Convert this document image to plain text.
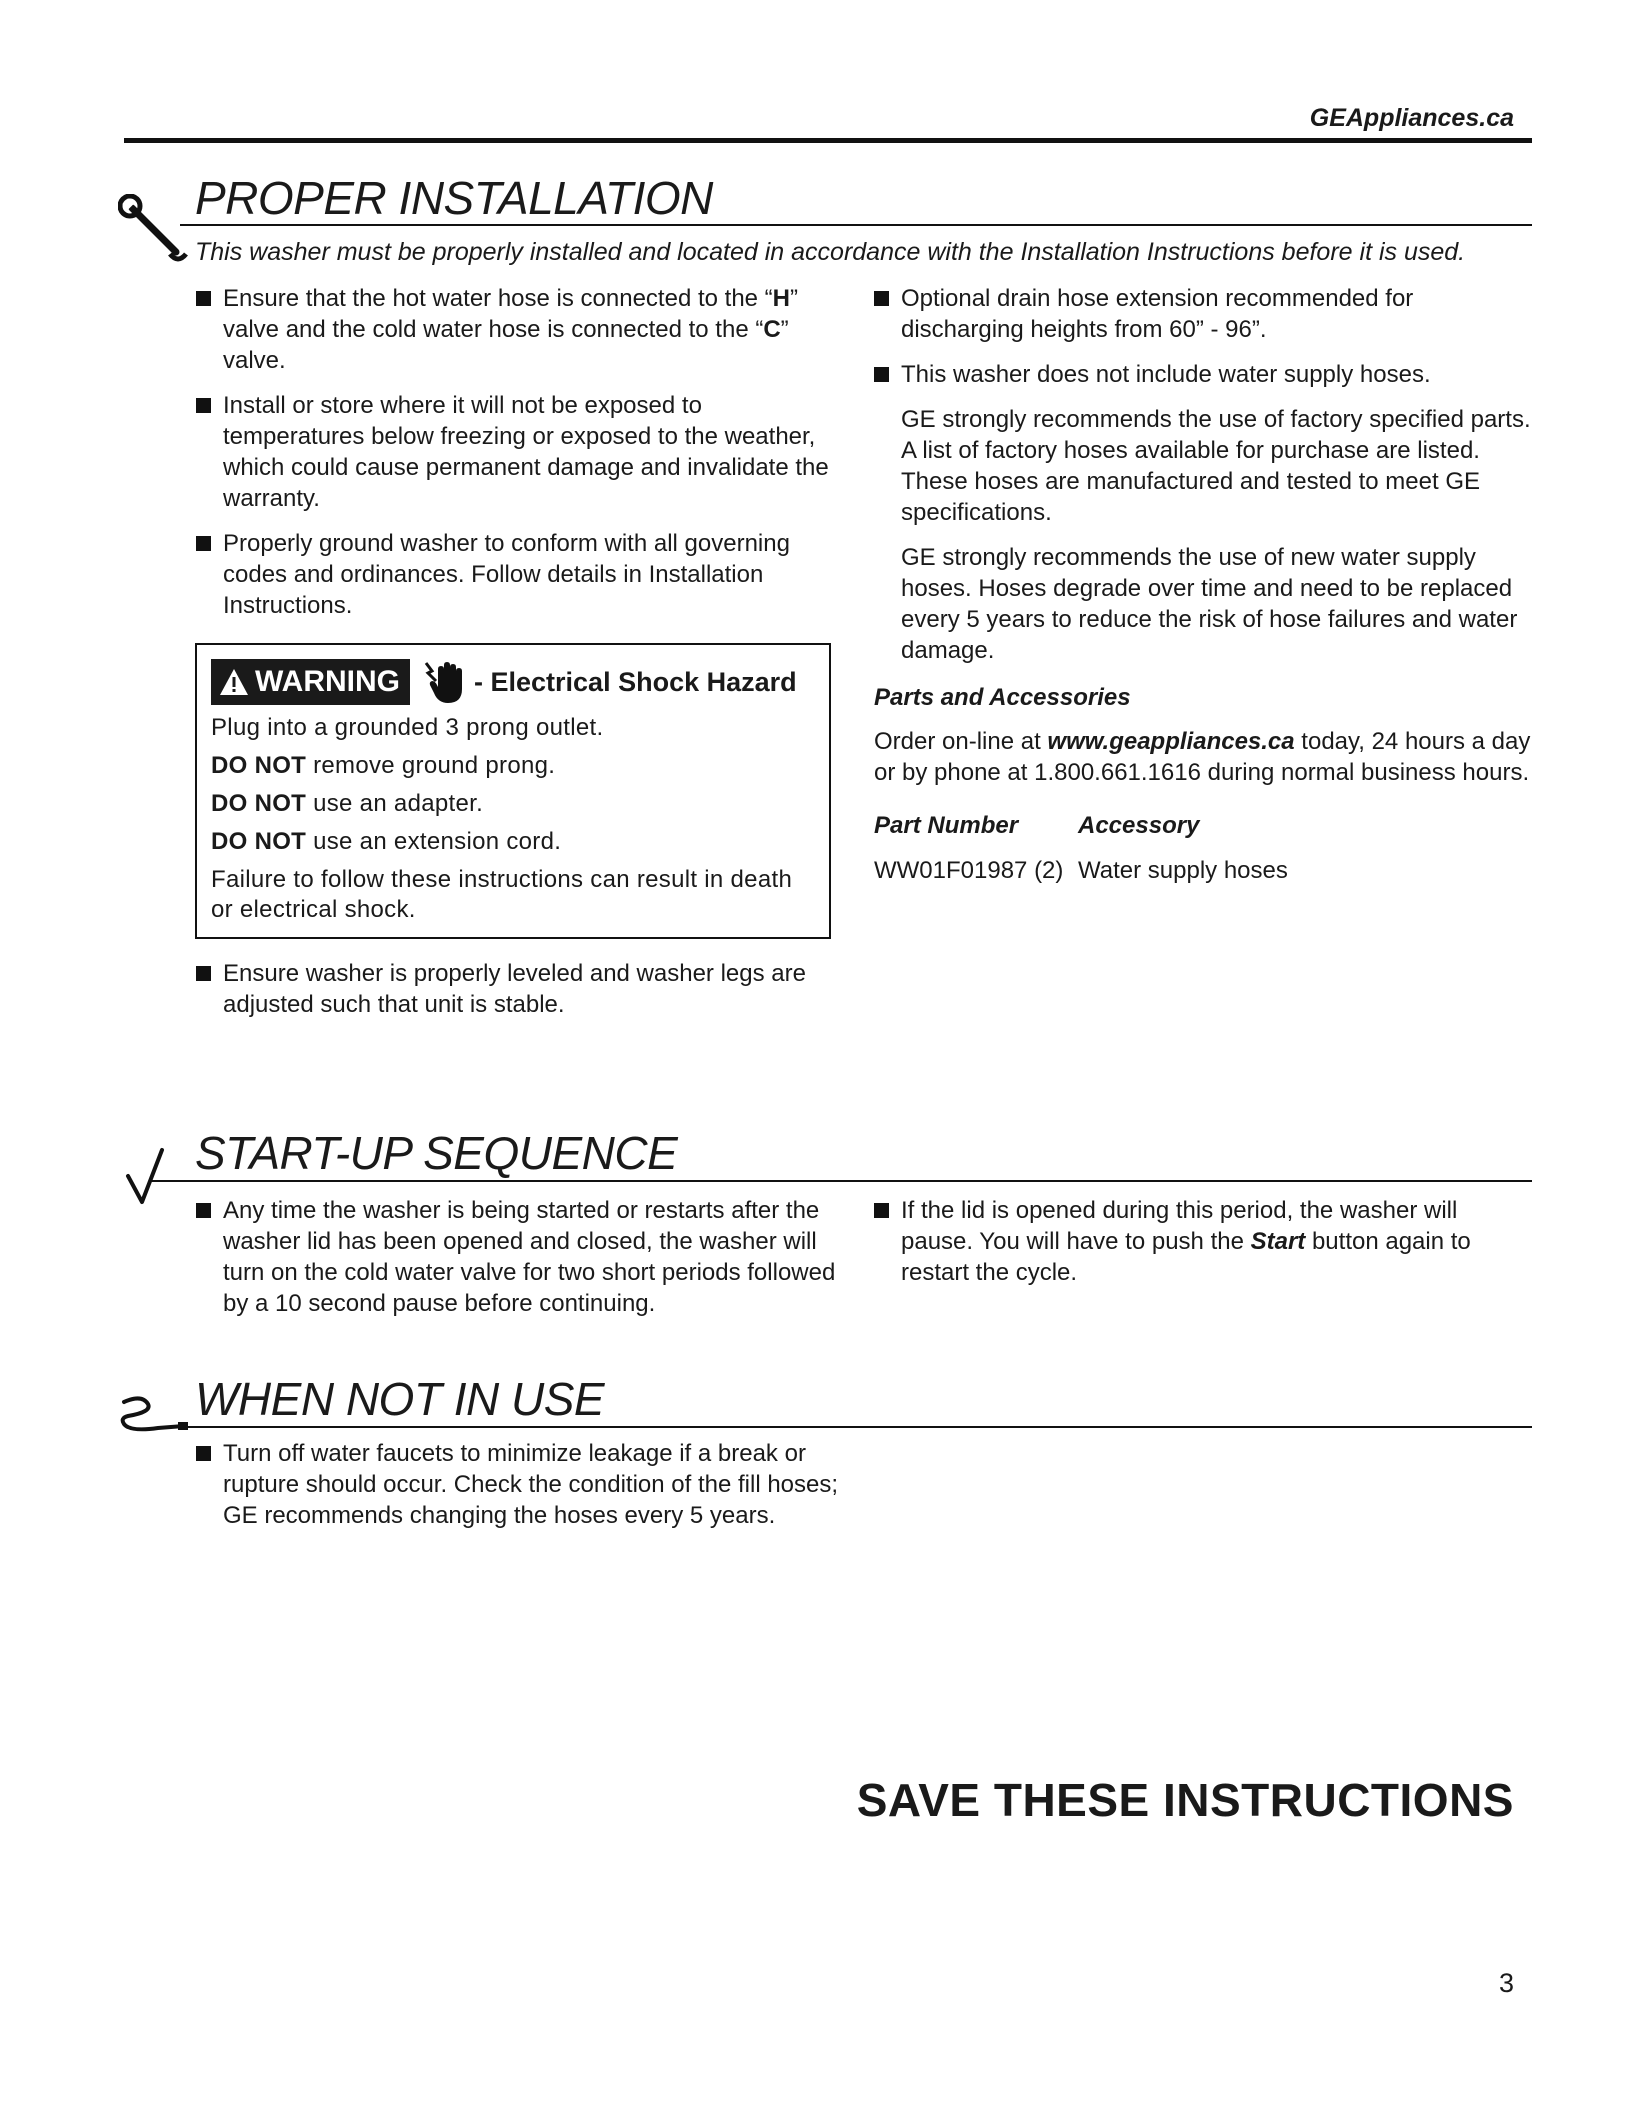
GEAppliances.ca
PROPER INSTALLATION
This washer must be properly installed and located in accordance with the Installation Instructions before it is used.
Ensure that the hot water hose is connected to the “H” valve and the cold water hose is connected to the “C” valve.
Install or store where it will not be exposed to temperatures below freezing or exposed to the weather, which could cause permanent damage and invalidate the warranty.
Properly ground washer to conform with all governing codes and ordinances. Follow details in Installation Instructions.
WARNING	- Electrical Shock Hazard

Plug into a grounded 3 prong outlet.

DO NOT remove ground prong.

DO NOT use an adapter.

DO NOT use an extension cord.

Failure to follow these instructions can result in death or electrical shock.

Ensure washer is properly leveled and washer legs are adjusted such that unit is stable.
Optional drain hose extension recommended for discharging heights from 60” - 96”.
This washer does not include water supply hoses.

GE strongly recommends the use of factory specified parts. A list of factory hoses available for purchase are listed. These hoses are manufactured and tested to meet GE specifications.

GE strongly recommends the use of new water supply hoses. Hoses degrade over time and need to be replaced every 5 years to reduce the risk of hose failures and water damage.

Parts and Accessories

Order on-line at www.geappliances.ca today, 24 hours a day or by phone at 1.800.661.1616 during normal business hours.

Part Number	Accessory
WW01F01987 (2) Water supply hoses
START-UP SEQUENCE
Any time the washer is being started or restarts after the washer lid has been opened and closed, the washer will turn on the cold water valve for two short periods followed by a 10 second pause before continuing.
If the lid is opened during this period, the washer will pause. You will have to push the Start button again to restart the cycle.
WHEN NOT IN USE
Turn off water faucets to minimize leakage if a break or rupture should occur. Check the condition of the fill hoses; GE recommends changing the hoses every 5 years.
SAVE THESE INSTRUCTIONS
3
